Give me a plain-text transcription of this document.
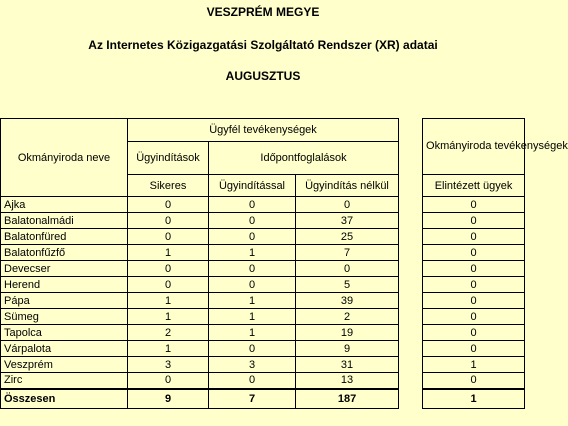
VESZPRÉM MEGYE
Az Internetes Közigazgatási Szolgáltató Rendszer (XR) adatai
AUGUSZTUS
Okmányiroda neve	Ügyfél tevékenységek				Okmányiroda tevékenységek
	Ügyindítások	Időpontfoglalások			
	Sikeres	Ügyindítással	Ügyindítás nélkül		Elintézett ügyek
Ajka	0	0	0		0
Balatonalmádi	0	0	37		0
Balatonfüred	0	0	25		0
Balatonfűzfő	1	1	7		0
Devecser	0	0	0		0
Herend	0	0	5		0
Pápa	1	1	39		0
Sümeg	1	1	2		0
Tapolca	2	1	19		0
Várpalota	1	0	9		0
Veszprém	3	3	31		1
Zirc	0	0	13		0
Összesen	9	7	187		1
